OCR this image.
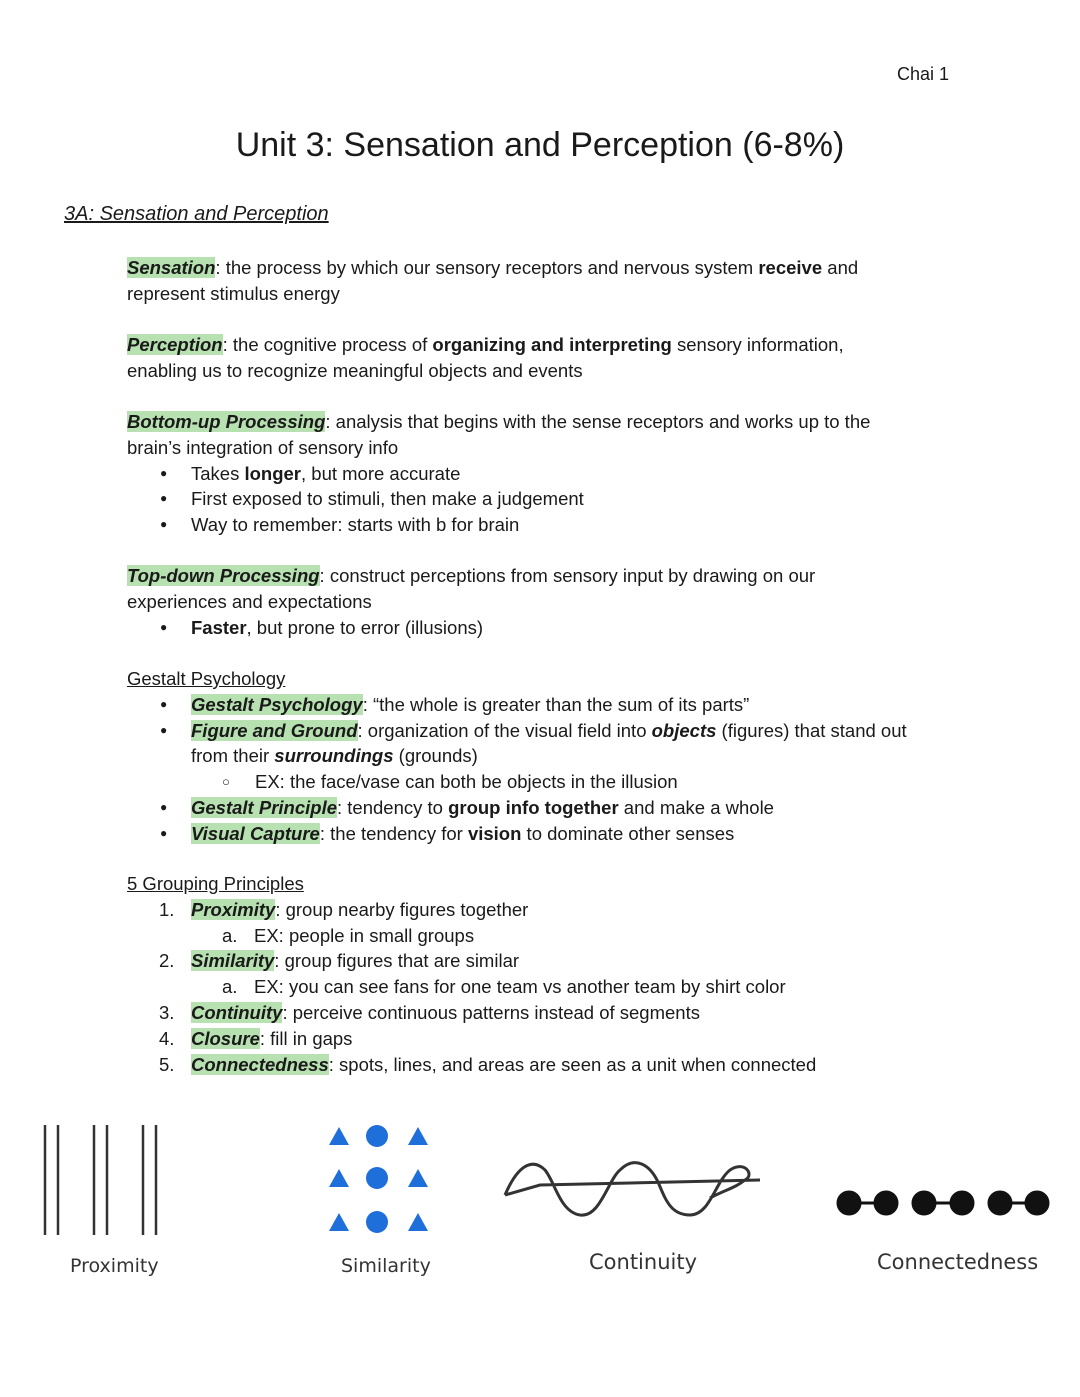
Chai 1
Unit 3: Sensation and Perception (6-8%)
3A: Sensation and Perception
Sensation: the process by which our sensory receptors and nervous system receive and
represent stimulus energy
Perception: the cognitive process of organizing and interpreting sensory information,
enabling us to recognize meaningful objects and events
Bottom-up Processing: analysis that begins with the sense receptors and works up to the
brain’s integration of sensory info
● Takes longer, but more accurate
● First exposed to stimuli, then make a judgement
● Way to remember: starts with b for brain
Top-down Processing: construct perceptions from sensory input by drawing on our
experiences and expectations
● Faster, but prone to error (illusions)
Gestalt Psychology
● Gestalt Psychology: “the whole is greater than the sum of its parts”
● Figure and Ground: organization of the visual field into objects (figures) that stand out
from their surroundings (grounds)
○ EX: the face/vase can both be objects in the illusion
● Gestalt Principle: tendency to group info together and make a whole
● Visual Capture: the tendency for vision to dominate other senses
5 Grouping Principles
1. Proximity: group nearby figures together
a. EX: people in small groups
2. Similarity: group figures that are similar
a. EX: you can see fans for one team vs another team by shirt color
3. Continuity: perceive continuous patterns instead of segments
4. Closure: fill in gaps
5. Connectedness: spots, lines, and areas are seen as a unit when connected
Proximity	Similarity	Continuity	Connectedness
